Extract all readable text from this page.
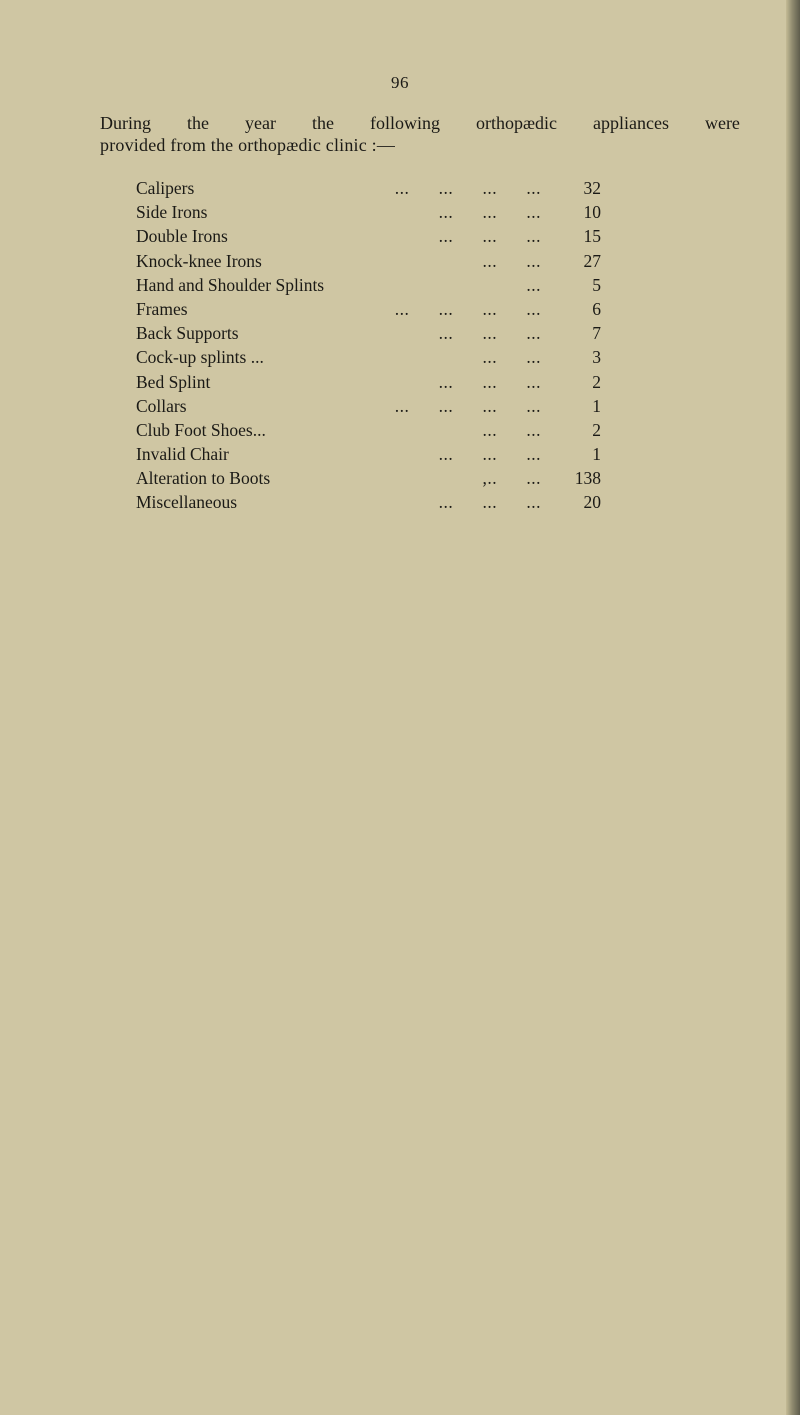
96
During the year the following orthopædic appliances were
provided from the orthopædic clinic :—
Calipers	...      ...      ...      ...	32
Side Irons	...      ...      ...	10
Double Irons	...      ...      ...	15
Knock-knee Irons	...      ...	27
Hand and Shoulder Splints	...	5
Frames	...      ...      ...      ...	6
Back Supports	...      ...      ...	7
Cock-up splints ...	...      ...	3
Bed Splint	...      ...      ...	2
Collars	...      ...      ...      ...	1
Club Foot Shoes...	...      ...	2
Invalid Chair	...      ...      ...	1
Alteration to Boots	,..      ...	138
Miscellaneous	...      ...      ...	20
